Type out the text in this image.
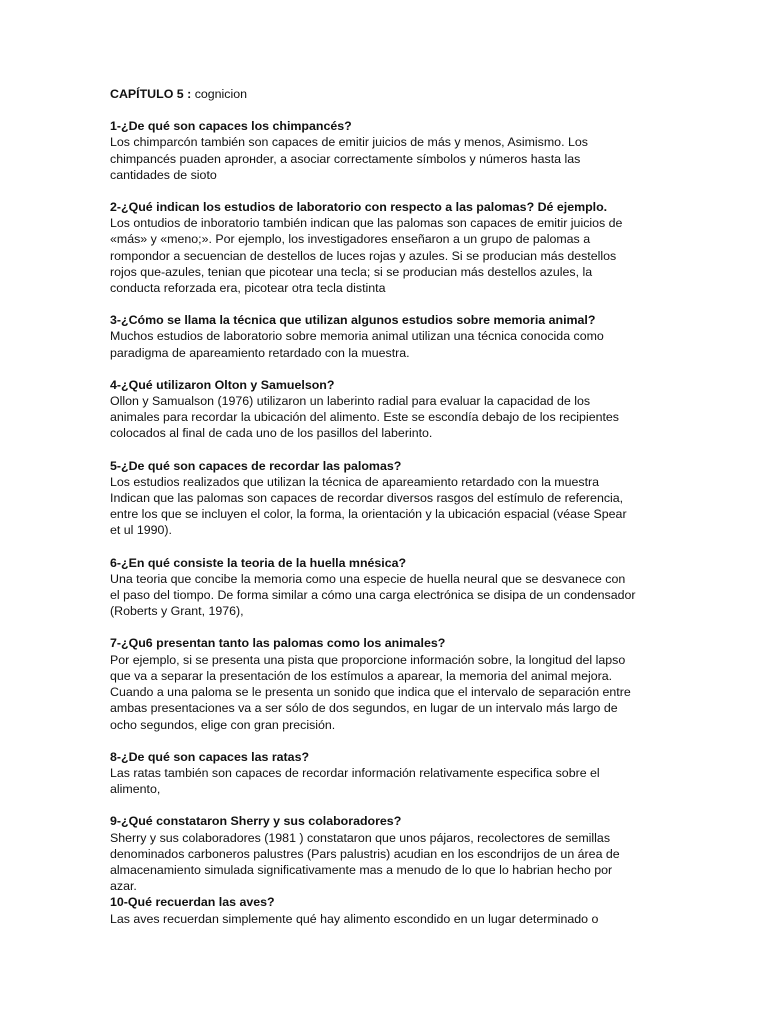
CAPÍTULO 5 : cognicion
1-¿De qué son capaces los chimpancés?
Los chimparcón también son capaces de emitir juicios de más y menos, Asimismo. Los chimpancés puaden aprонder, a asociar correctamente símbolos y números hasta las cantidades de sioto
2-¿Qué indican los estudios de laboratorio con respecto a las palomas? Dé ejemplo.
Los ontudios de inboratorio también indican que las palomas son capaces de emitir juicios de «más» y «meno;». Por ejemplo, los investigadores enseñaron a un grupo de palomas a rompondor a secuencian de destellos de luces rojas y azules. Si se producian más destellos rojos que-azules, tenian que picotear una tecla; si se producian más destellos azules, la conducta reforzada era, picotear otra tecla distinta
3-¿Cómo se llama la técnica que utilizan algunos estudios sobre memoria animal?
Muchos estudios de laboratorio sobre memoria animal utilizan una técnica conocida como paradigma de apareamiento retardado con la muestra.
4-¿Qué utilizaron Olton y Samuelson?
Ollon y Samualson (1976) utilizaron un laberinto radial para evaluar la capacidad de los animales para recordar la ubicación del alimento. Este se escondía debajo de los recipientes colocados al final de cada uno de los pasillos del laberinto.
5-¿De qué son capaces de recordar las palomas?
Los estudios realizados que utilizan la técnica de apareamiento retardado con la muestra Indican que las palomas son capaces de recordar diversos rasgos del estímulo de referencia, entre los que se incluyen el color, la forma, la orientación y la ubicación espacial (véase Spear et ul 1990).
6-¿En qué consiste la teoria de la huella mnésica?
Una teoria que concibe la memoria como una especie de huella neural que se desvanece con el paso del tiompo. De forma similar a cómo una carga electrónica se disipa de un condensador (Roberts y Grant, 1976),
7-¿Qu6 presentan tanto las palomas como los animales?
Por ejemplo, si se presenta una pista que proporcione información sobre, la longitud del lapso que va a separar la presentación de los estímulos a aparear, la memoria del animal mejora. Cuando a una paloma se le presenta un sonido que indica que el intervalo de separación entre ambas presentaciones va a ser sólo de dos segundos, en lugar de un intervalo más largo de ocho segundos, elige con gran precisión.
8-¿De qué son capaces las ratas?
Las ratas también son capaces de recordar información relativamente especifica sobre el alimento,
9-¿Qué constataron Sherry y sus colaboradores?
Sherry y sus colaboradores (1981 ) constataron que unos pájaros, recolectores de semillas denominados carboneros palustres (Pars palustris) acudian en los escondrijos de un área de almacenamiento simulada significativamente mas a menudo de lo que lo habrian hecho por azar.
10-Qué recuerdan las aves?
Las aves recuerdan simplemente qué hay alimento escondido en un lugar determinado o
